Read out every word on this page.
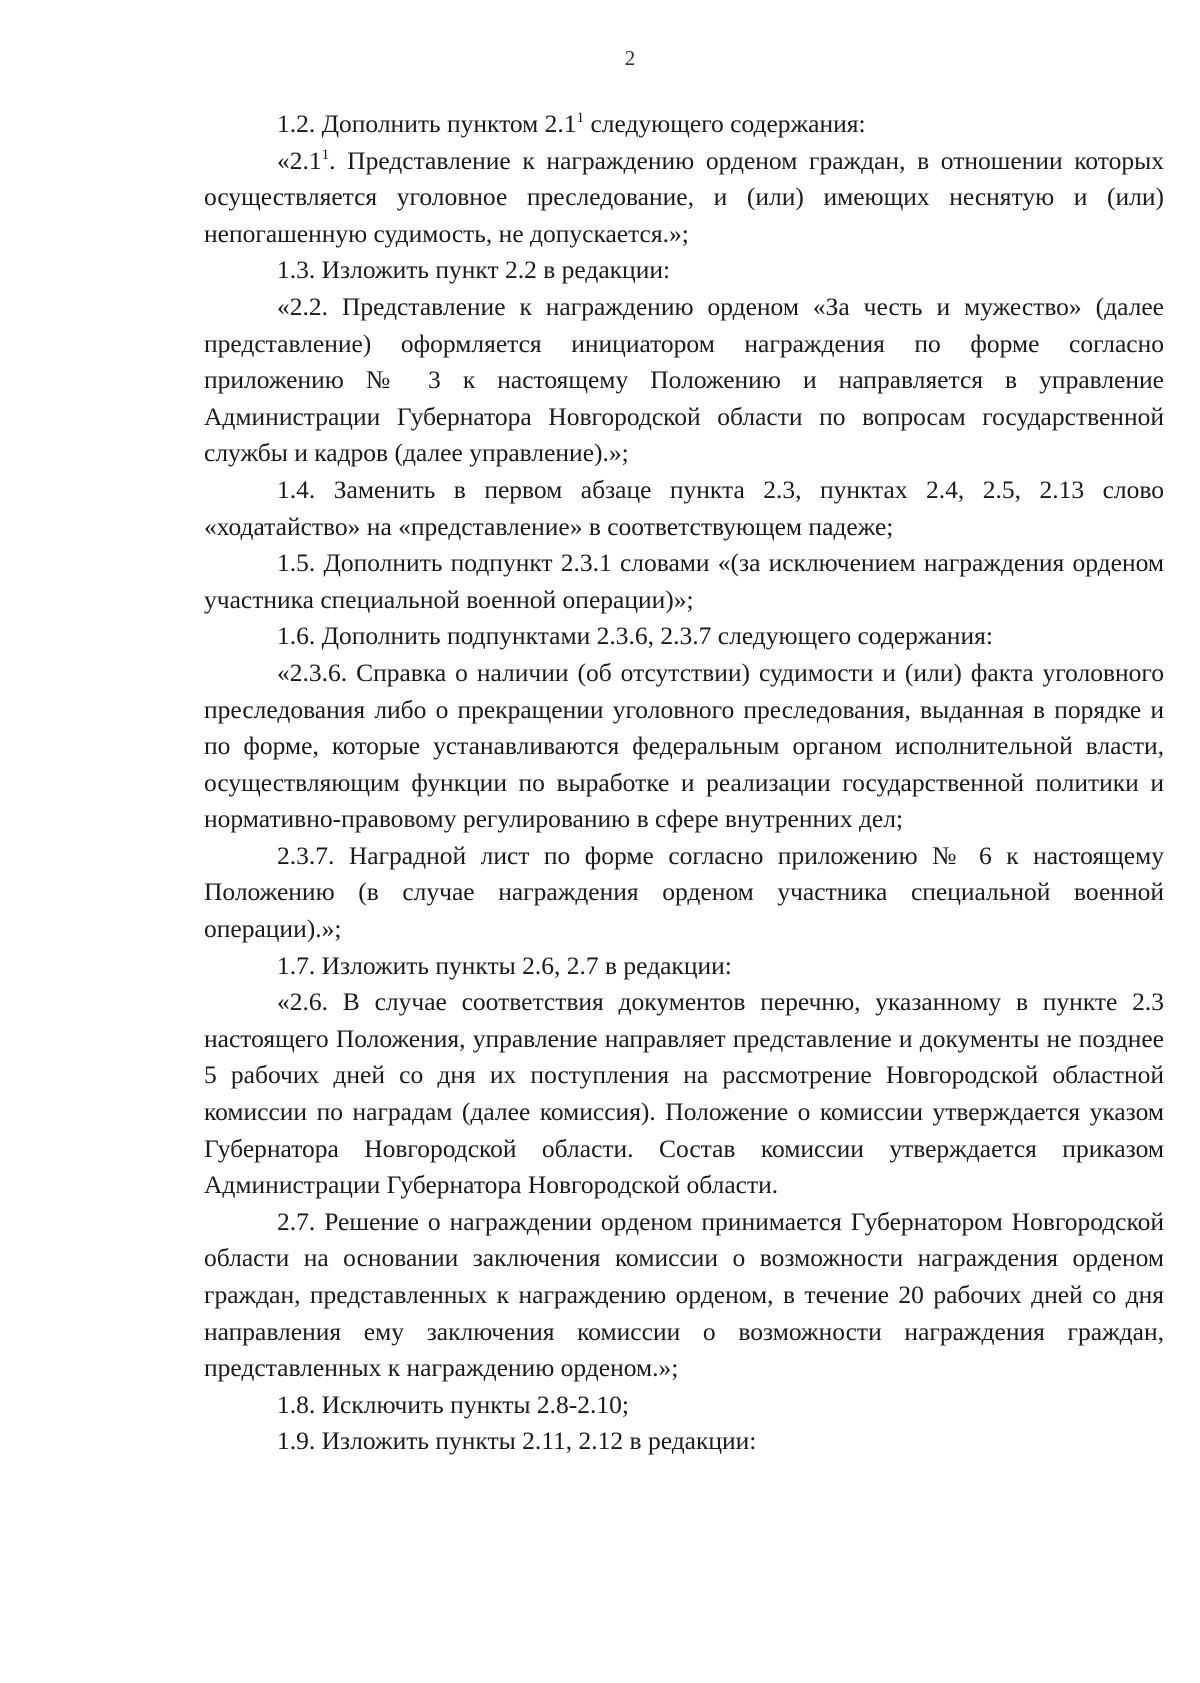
2

1.2. Дополнить пунктом $2.1^1$ следующего содержания:

«$2.1^1$. Представление к награждению орденом граждан, в отношении которых осуществляется уголовное преследование, и (или) имеющих неснятую и (или) непогашенную судимость, не допускается.»;

1.3. Изложить пункт 2.2 в редакции:

«2.2. Представление к награждению орденом «За честь и мужество» (далее представление) оформляется инициатором награждения по форме согласно приложению № 3 к настоящему Положению и направляется в управление Администрации Губернатора Новгородской области по вопросам государственной службы и кадров (далее управление).»;

1.4. Заменить в первом абзаце пункта 2.3, пунктах 2.4, 2.5, 2.13 слово «ходатайство» на «представление» в соответствующем падеже;

1.5. Дополнить подпункт 2.3.1 словами «(за исключением награждения орденом участника специальной военной операции)»;

1.6. Дополнить подпунктами 2.3.6, 2.3.7 следующего содержания:

«2.3.6. Справка о наличии (об отсутствии) судимости и (или) факта уголовного преследования либо о прекращении уголовного преследования, выданная в порядке и по форме, которые устанавливаются федеральным органом исполнительной власти, осуществляющим функции по выработке и реализации государственной политики и нормативно-правовому регулированию в сфере внутренних дел;

2.3.7. Наградной лист по форме согласно приложению № 6 к настоящему Положению (в случае награждения орденом участника специальной военной операции).»;

1.7. Изложить пункты 2.6, 2.7 в редакции:

«2.6. В случае соответствия документов перечню, указанному в пункте 2.3 настоящего Положения, управление направляет представление и документы не позднее 5 рабочих дней со дня их поступления на рассмотрение Новгородской областной комиссии по наградам (далее комиссия). Положение о комиссии утверждается указом Губернатора Новгородской области. Состав комиссии утверждается приказом Администрации Губернатора Новгородской области.

2.7. Решение о награждении орденом принимается Губернатором Новгородской области на основании заключения комиссии о возможности награждения орденом граждан, представленных к награждению орденом, в течение 20 рабочих дней со дня направления ему заключения комиссии о возможности награждения граждан, представленных к награждению орденом.»;

1.8. Исключить пункты 2.8-2.10;

1.9. Изложить пункты 2.11, 2.12 в редакции:
